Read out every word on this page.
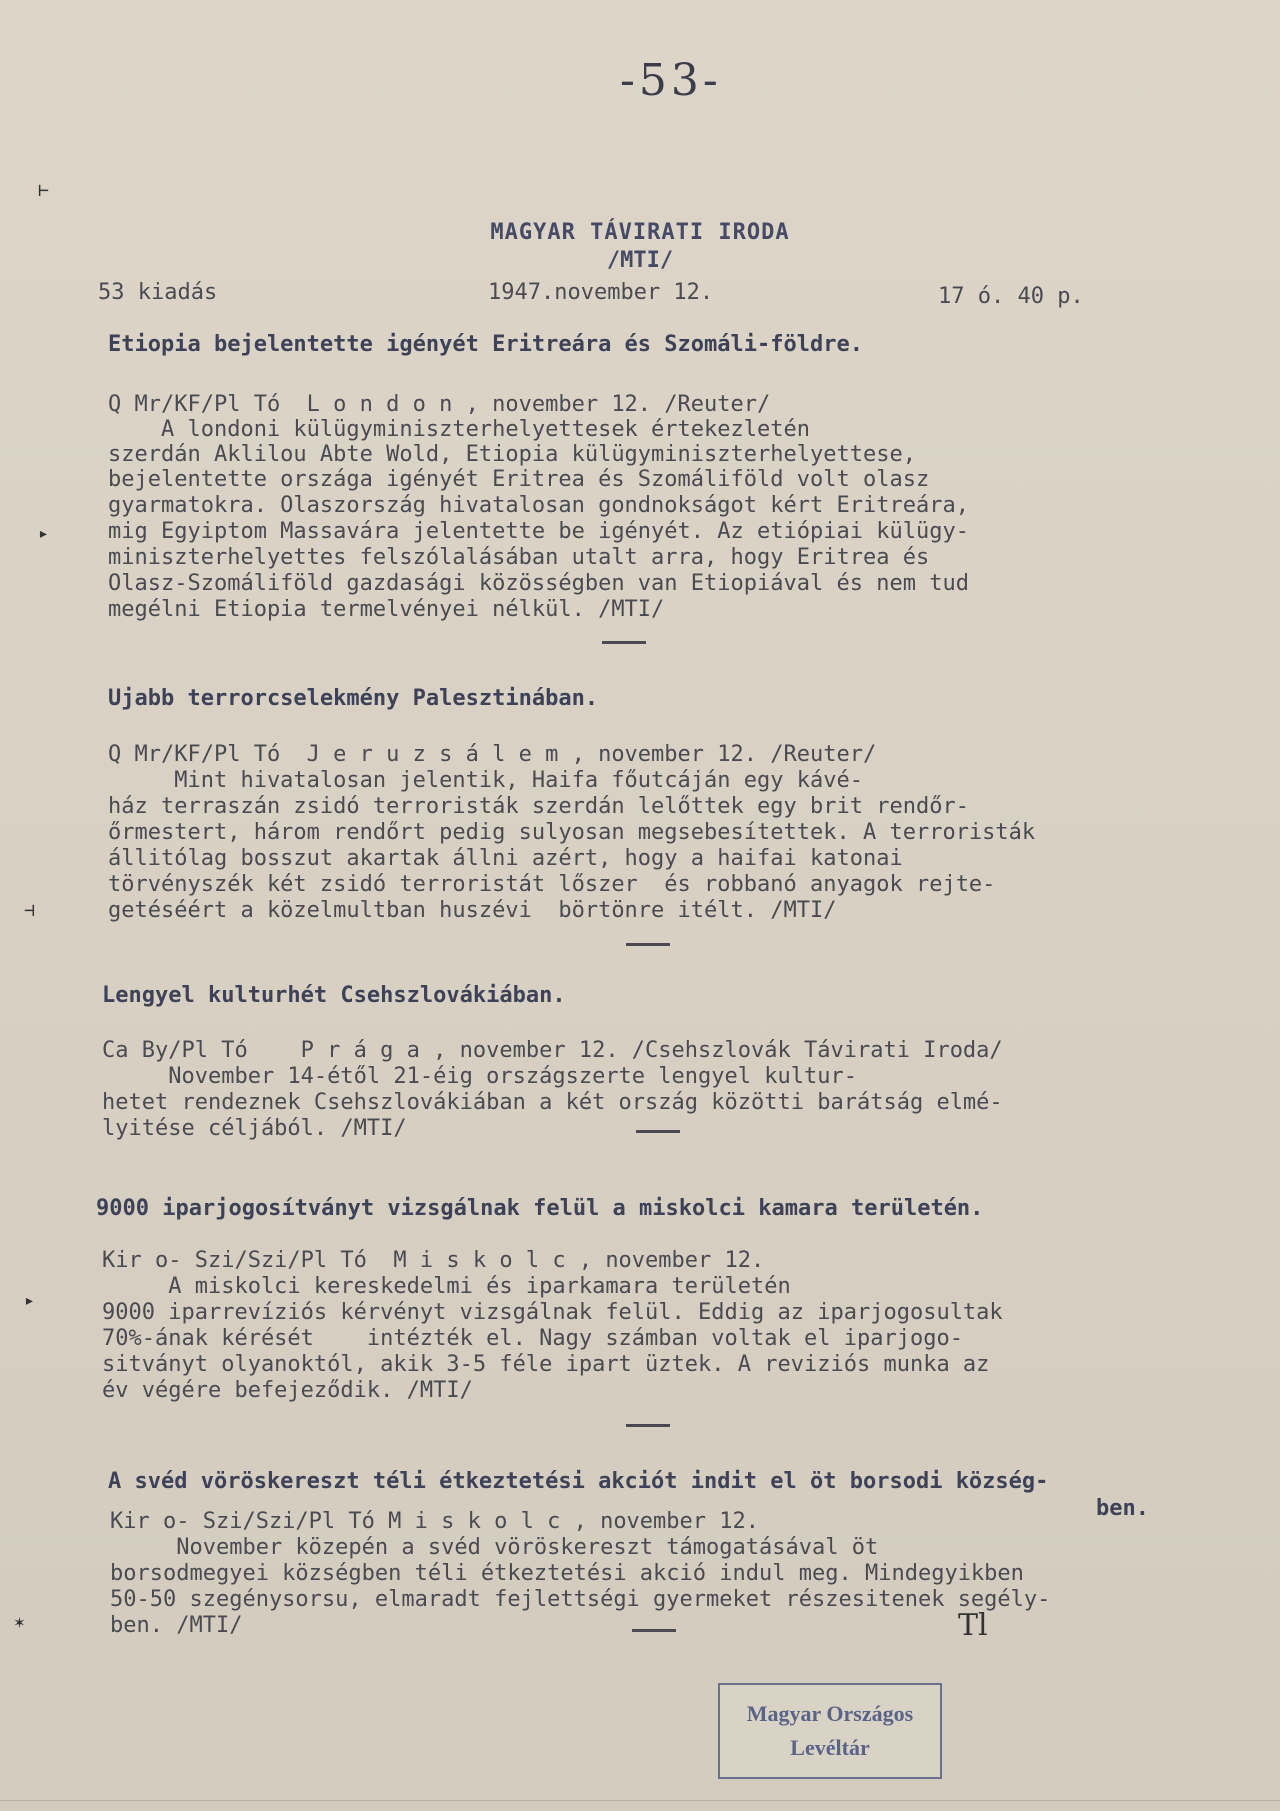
-53-
MAGYAR TÁVIRATI IRODA
/MTI/
53 kiadás	1947.november 12.	17 ó. 40 p.
Etiopia bejelentette igényét Eritreára és Szomáli-földre.
Q Mr/KF/Pl Tó  L o n d o n , november 12. /Reuter/
A londoni külügyminiszterhelyettesek értekezletén
szerdán Aklilou Abte Wold, Etiopia külügyminiszterhelyettese,
bejelentette országa igényét Eritrea és Szomáliföld volt olasz
gyarmatokra. Olaszország hivatalosan gondnokságot kért Eritreára,
mig Egyiptom Massavára jelentette be igényét. Az etiópiai külügy-
miniszterhelyettes felszólalásában utalt arra, hogy Eritrea és
Olasz-Szomáliföld gazdasági közösségben van Etiopiával és nem tud
megélni Etiopia termelvényei nélkül. /MTI/
Ujabb terrorcselekmény Palesztinában.
Q Mr/KF/Pl Tó  J e r u z s á l e m , november 12. /Reuter/
Mint hivatalosan jelentik, Haifa főutcáján egy kávé-
ház terraszán zsidó terroristák szerdán lelőttek egy brit rendőr-
őrmestert, három rendőrt pedig sulyosan megsebesítettek. A terroristák
állitólag bosszut akartak állni azért, hogy a haifai katonai
törvényszék két zsidó terroristát lőszer  és robbanó anyagok rejte-
getéséért a közelmultban huszévi  börtönre itélt. /MTI/
Lengyel kulturhét Csehszlovákiában.
Ca By/Pl Tó    P r á g a , november 12. /Csehszlovák Távirati Iroda/
November 14-étől 21-éig országszerte lengyel kultur-
hetet rendeznek Csehszlovákiában a két ország közötti barátság elmé-
lyitése céljából. /MTI/
9000 iparjogosítványt vizsgálnak felül a miskolci kamara területén.
Kir o- Szi/Szi/Pl Tó  M i s k o l c , november 12.
A miskolci kereskedelmi és iparkamara területén
9000 iparrevíziós kérvényt vizsgálnak felül. Eddig az iparjogosultak
70%-ának kérését    intézték el. Nagy számban voltak el iparjogo-
sitványt olyanoktól, akik 3-5 féle ipart üztek. A reviziós munka az
év végére befejeződik. /MTI/
A svéd vöröskereszt téli étkeztetési akciót indit el öt borsodi község-
ben.
Kir o- Szi/Szi/Pl Tó M i s k o l c , november 12.
November közepén a svéd vöröskereszt támogatásával öt
borsodmegyei községben téli étkeztetési akció indul meg. Mindegyikben
50-50 szegénysorsu, elmaradt fejlettségi gyermeket részesitenek segély-
ben. /MTI/	Tl
⊢
▸
⊣
▸
✶
Magyar Országos
Levéltár
